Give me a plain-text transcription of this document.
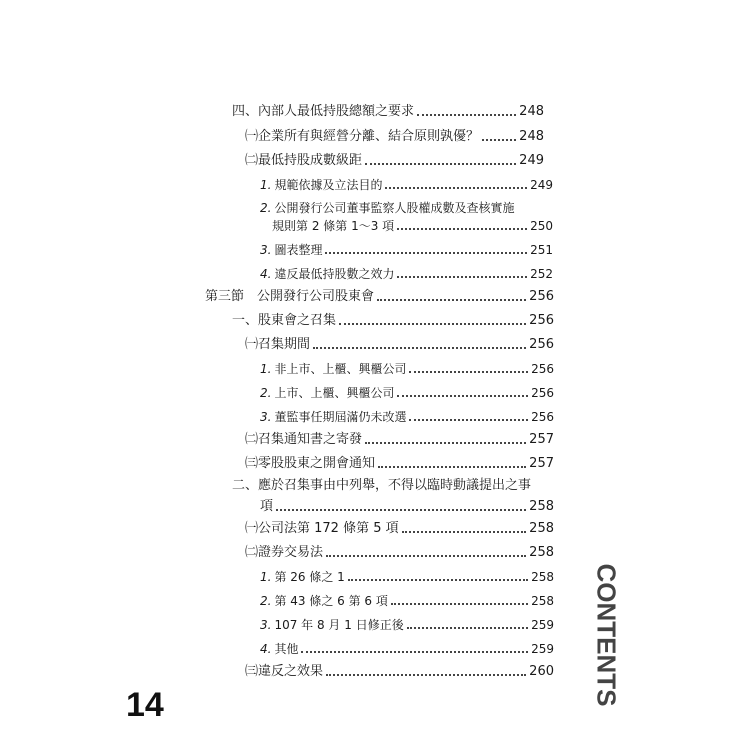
四、內部人最低持股總額之要求	248
㈠企業所有與經營分離、結合原則孰優？	248
㈡最低持股成數級距	249
1. 規範依據及立法目的	249
2. 公開發行公司董事監察人股權成數及查核實施
規則第 2 條第 1〜3 項	250
3. 圖表整理	251
4. 違反最低持股數之效力	252
第三節　公開發行公司股東會	256
一、股東會之召集	256
㈠召集期間	256
1. 非上市、上櫃、興櫃公司	256
2. 上市、上櫃、興櫃公司	256
3. 董監事任期屆滿仍未改選	256
㈡召集通知書之寄發	257
㈢零股股東之開會通知	257
二、應於召集事由中列舉，不得以臨時動議提出之事
項	258
㈠公司法第 172 條第 5 項	258
㈡證券交易法	258
1. 第 26 條之 1	258
2. 第 43 條之 6 第 6 項	258
3. 107 年 8 月 1 日修正後	259
4. 其他	259
㈢違反之效果	260 CONTENTS
14
